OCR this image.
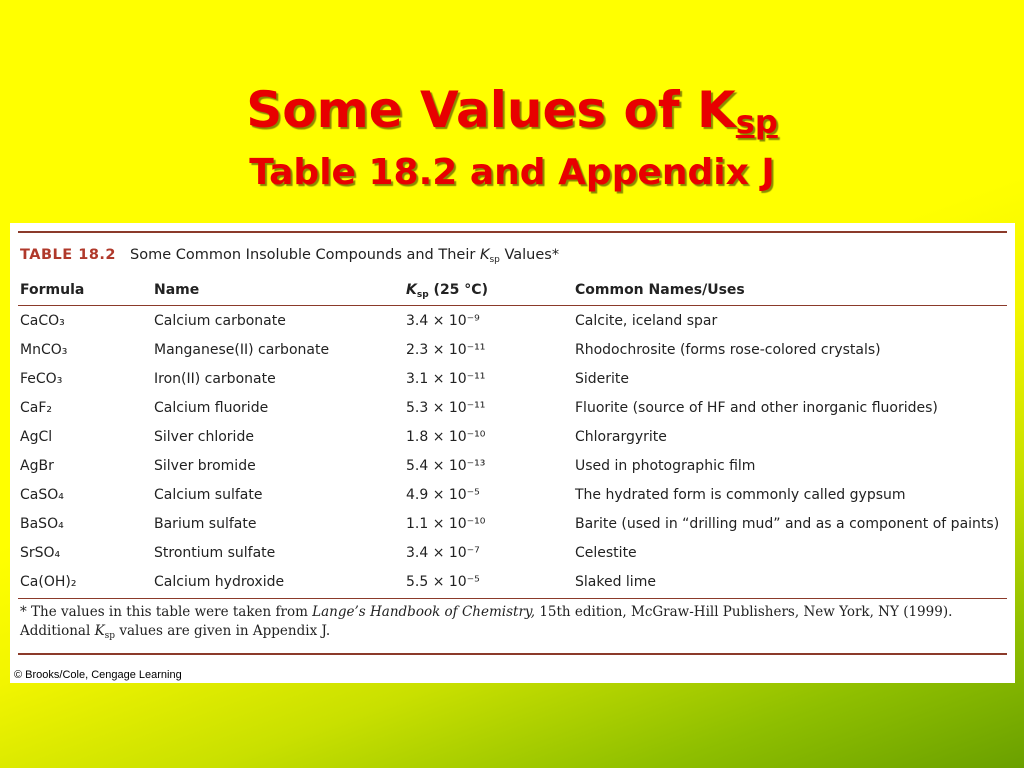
Some Values of $K_{sp}$
Table 18.2 and Appendix J
TABLE 18.2 Some Common Insoluble Compounds and Their $K_{sp}$ Values*
Formula	Name	$K_{sp}$ (25 °C)	Common Names/Uses
CaCO₃	Calcium carbonate	3.4 × 10⁻⁹	Calcite, iceland spar
MnCO₃	Manganese(II) carbonate	2.3 × 10⁻¹¹	Rhodochrosite (forms rose-colored crystals)
FeCO₃	Iron(II) carbonate	3.1 × 10⁻¹¹	Siderite
CaF₂	Calcium fluoride	5.3 × 10⁻¹¹	Fluorite (source of HF and other inorganic fluorides)
AgCl	Silver chloride	1.8 × 10⁻¹⁰	Chlorargyrite
AgBr	Silver bromide	5.4 × 10⁻¹³	Used in photographic film
CaSO₄	Calcium sulfate	4.9 × 10⁻⁵	The hydrated form is commonly called gypsum
BaSO₄	Barium sulfate	1.1 × 10⁻¹⁰	Barite (used in “drilling mud” and as a component of paints)
SrSO₄	Strontium sulfate	3.4 × 10⁻⁷	Celestite
Ca(OH)₂	Calcium hydroxide	5.5 × 10⁻⁵	Slaked lime
* The values in this table were taken from Lange’s Handbook of Chemistry, 15th edition, McGraw-Hill Publishers, New York, NY (1999).
Additional $K_{sp}$ values are given in Appendix J.
© Brooks/Cole, Cengage Learning
